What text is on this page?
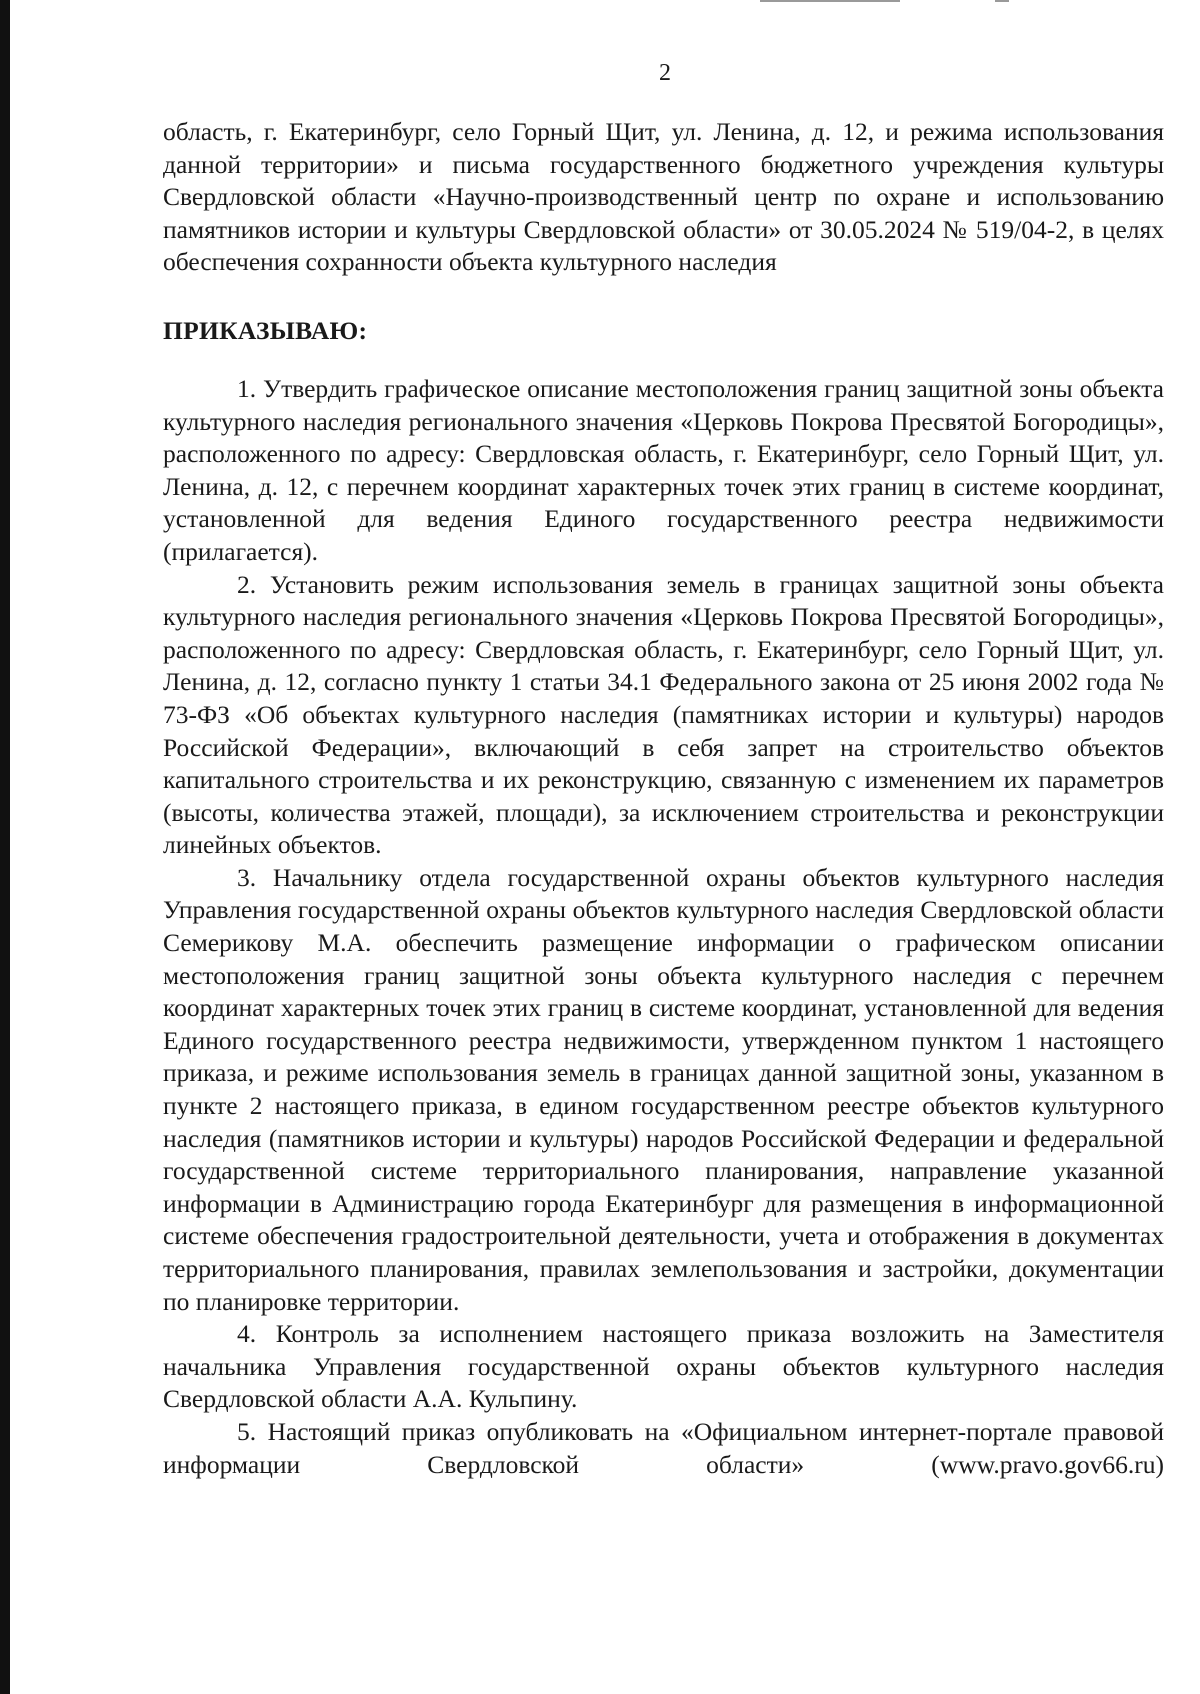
2

область, г. Екатеринбург, село Горный Щит, ул. Ленина, д. 12, и режима использования данной территории» и письма государственного бюджетного учреждения культуры Свердловской области «Научно-производственный центр по охране и использованию памятников истории и культуры Свердловской области» от 30.05.2024 № 519/04-2, в целях обеспечения сохранности объекта культурного наследия

ПРИКАЗЫВАЮ:

1. Утвердить графическое описание местоположения границ защитной зоны объекта культурного наследия регионального значения «Церковь Покрова Пресвятой Богородицы», расположенного по адресу: Свердловская область, г. Екатеринбург, село Горный Щит, ул. Ленина, д. 12, с перечнем координат характерных точек этих границ в системе координат, установленной для ведения Единого государственного реестра недвижимости (прилагается).

2. Установить режим использования земель в границах защитной зоны объекта культурного наследия регионального значения «Церковь Покрова Пресвятой Богородицы», расположенного по адресу: Свердловская область, г. Екатеринбург, село Горный Щит, ул. Ленина, д. 12, согласно пункту 1 статьи 34.1 Федерального закона от 25 июня 2002 года № 73-ФЗ «Об объектах культурного наследия (памятниках истории и культуры) народов Российской Федерации», включающий в себя запрет на строительство объектов капитального строительства и их реконструкцию, связанную с изменением их параметров (высоты, количества этажей, площади), за исключением строительства и реконструкции линейных объектов.

3. Начальнику отдела государственной охраны объектов культурного наследия Управления государственной охраны объектов культурного наследия Свердловской области Семерикову М.А. обеспечить размещение информации о графическом описании местоположения границ защитной зоны объекта культурного наследия с перечнем координат характерных точек этих границ в системе координат, установленной для ведения Единого государственного реестра недвижимости, утвержденном пунктом 1 настоящего приказа, и режиме использования земель в границах данной защитной зоны, указанном в пункте 2 настоящего приказа, в едином государственном реестре объектов культурного наследия (памятников истории и культуры) народов Российской Федерации и федеральной государственной системе территориального планирования, направление указанной информации в Администрацию города Екатеринбург для размещения в информационной системе обеспечения градостроительной деятельности, учета и отображения в документах территориального планирования, правилах землепользования и застройки, документации по планировке территории.

4. Контроль за исполнением настоящего приказа возложить на Заместителя начальника Управления государственной охраны объектов культурного наследия Свердловской области А.А. Кульпину.

5. Настоящий приказ опубликовать на «Официальном интернет-портале правовой информации Свердловской области» (www.pravo.gov66.ru)
